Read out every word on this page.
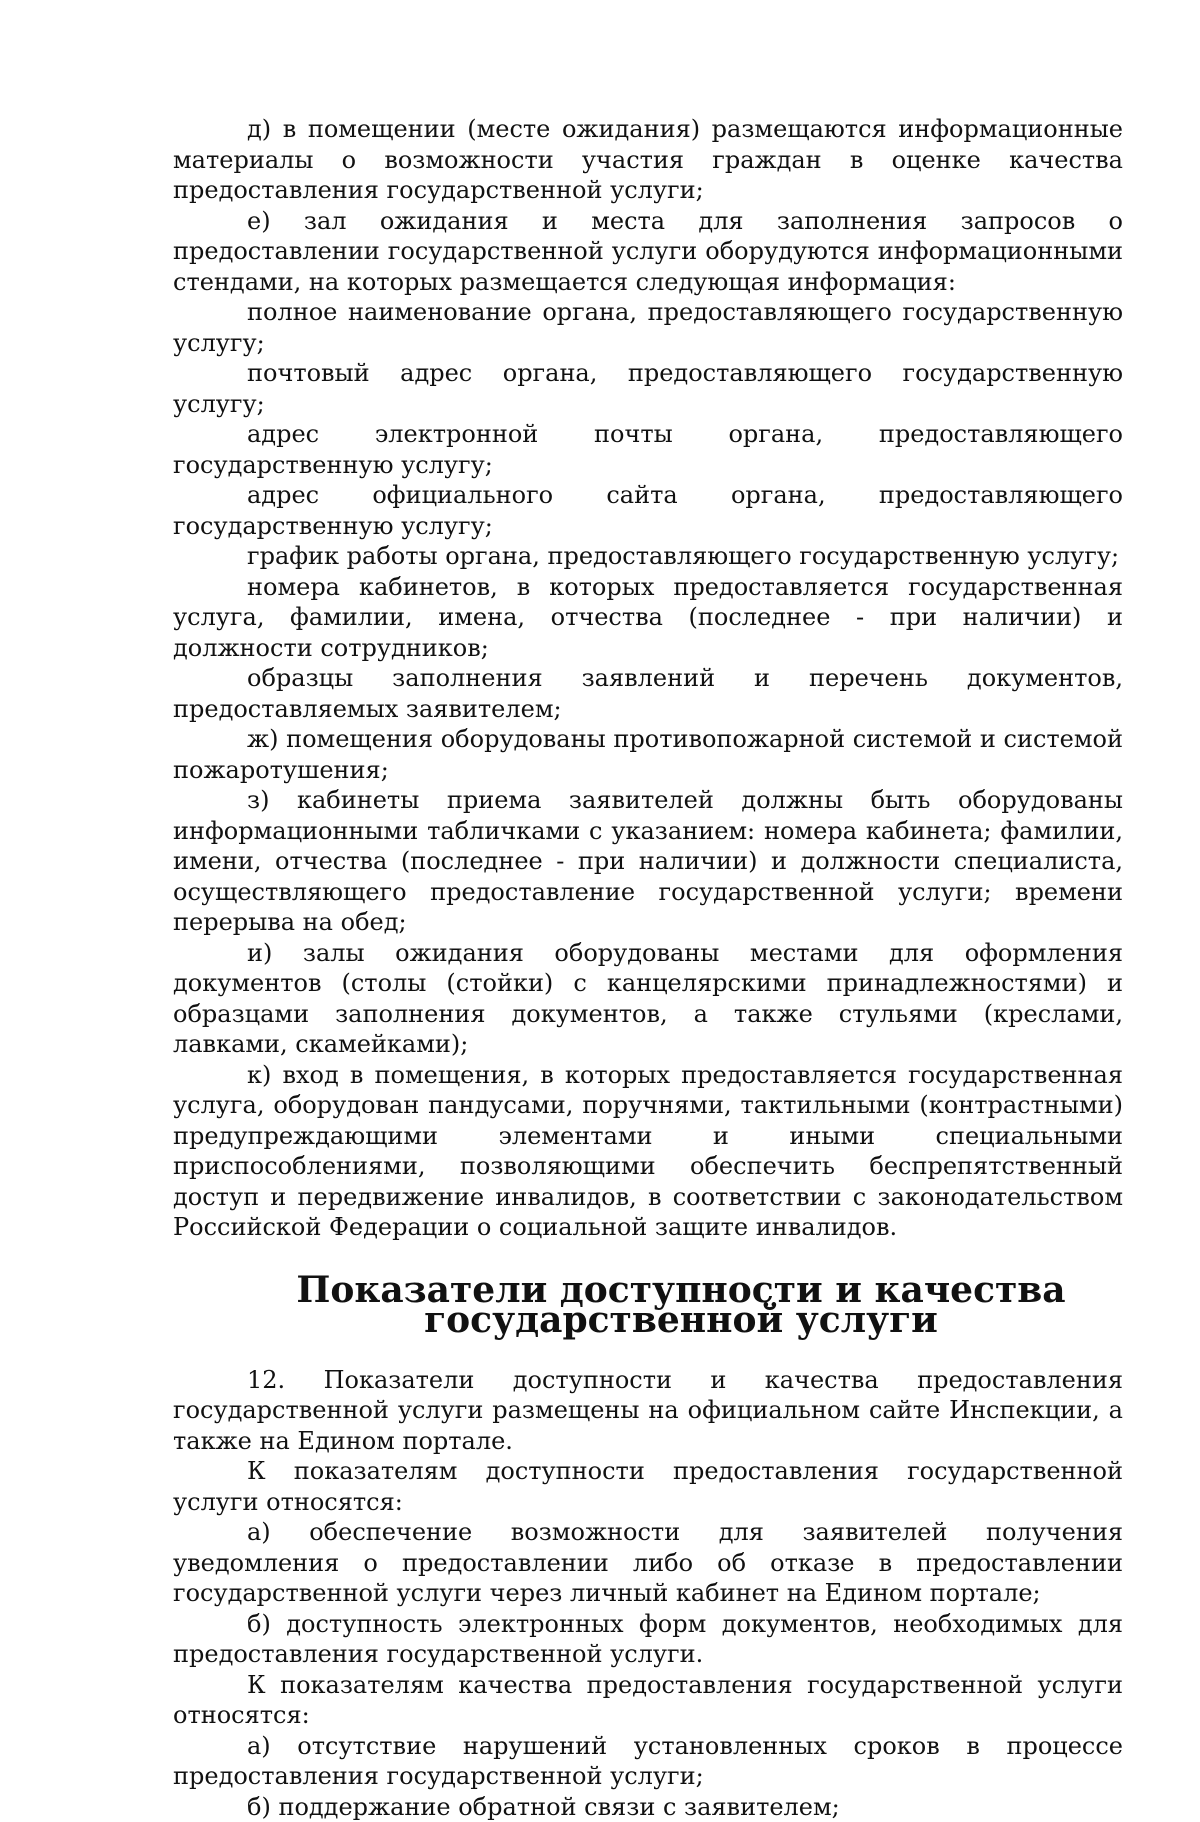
д) в помещении (месте ожидания) размещаются информационные материалы о возможности участия граждан в оценке качества предоставления государственной услуги;

е) зал ожидания и места для заполнения запросов о предоставлении государственной услуги оборудуются информационными стендами, на которых размещается следующая информация:

полное наименование органа, предоставляющего государственную услугу;

почтовый адрес органа, предоставляющего государственную услугу;

адрес электронной почты органа, предоставляющего государственную услугу;

адрес официального сайта органа, предоставляющего государственную услугу;

график работы органа, предоставляющего государственную услугу;

номера кабинетов, в которых предоставляется государственная услуга, фамилии, имена, отчества (последнее - при наличии) и должности сотрудников;

образцы заполнения заявлений и перечень документов, предоставляемых заявителем;

ж) помещения оборудованы противопожарной системой и системой пожаротушения;

з) кабинеты приема заявителей должны быть оборудованы информационными табличками с указанием: номера кабинета; фамилии, имени, отчества (последнее - при наличии) и должности специалиста, осуществляющего предоставление государственной услуги; времени перерыва на обед;

и) залы ожидания оборудованы местами для оформления документов (столы (стойки) с канцелярскими принадлежностями) и образцами заполнения документов, а также стульями (креслами, лавками, скамейками);

к) вход в помещения, в которых предоставляется государственная услуга, оборудован пандусами, поручнями, тактильными (контрастными) предупреждающими элементами и иными специальными приспособлениями, позволяющими обеспечить беспрепятственный доступ и передвижение инвалидов, в соответствии с законодательством Российской Федерации о социальной защите инвалидов.

Показатели доступности и качества государственной услуги

12. Показатели доступности и качества предоставления государственной услуги размещены на официальном сайте Инспекции, а также на Едином портале.

К показателям доступности предоставления государственной услуги относятся:

а) обеспечение возможности для заявителей получения уведомления о предоставлении либо об отказе в предоставлении государственной услуги через личный кабинет на Едином портале;

б) доступность электронных форм документов, необходимых для предоставления государственной услуги.

К показателям качества предоставления государственной услуги относятся:

а) отсутствие нарушений установленных сроков в процессе предоставления государственной услуги;

б) поддержание обратной связи с заявителем;
